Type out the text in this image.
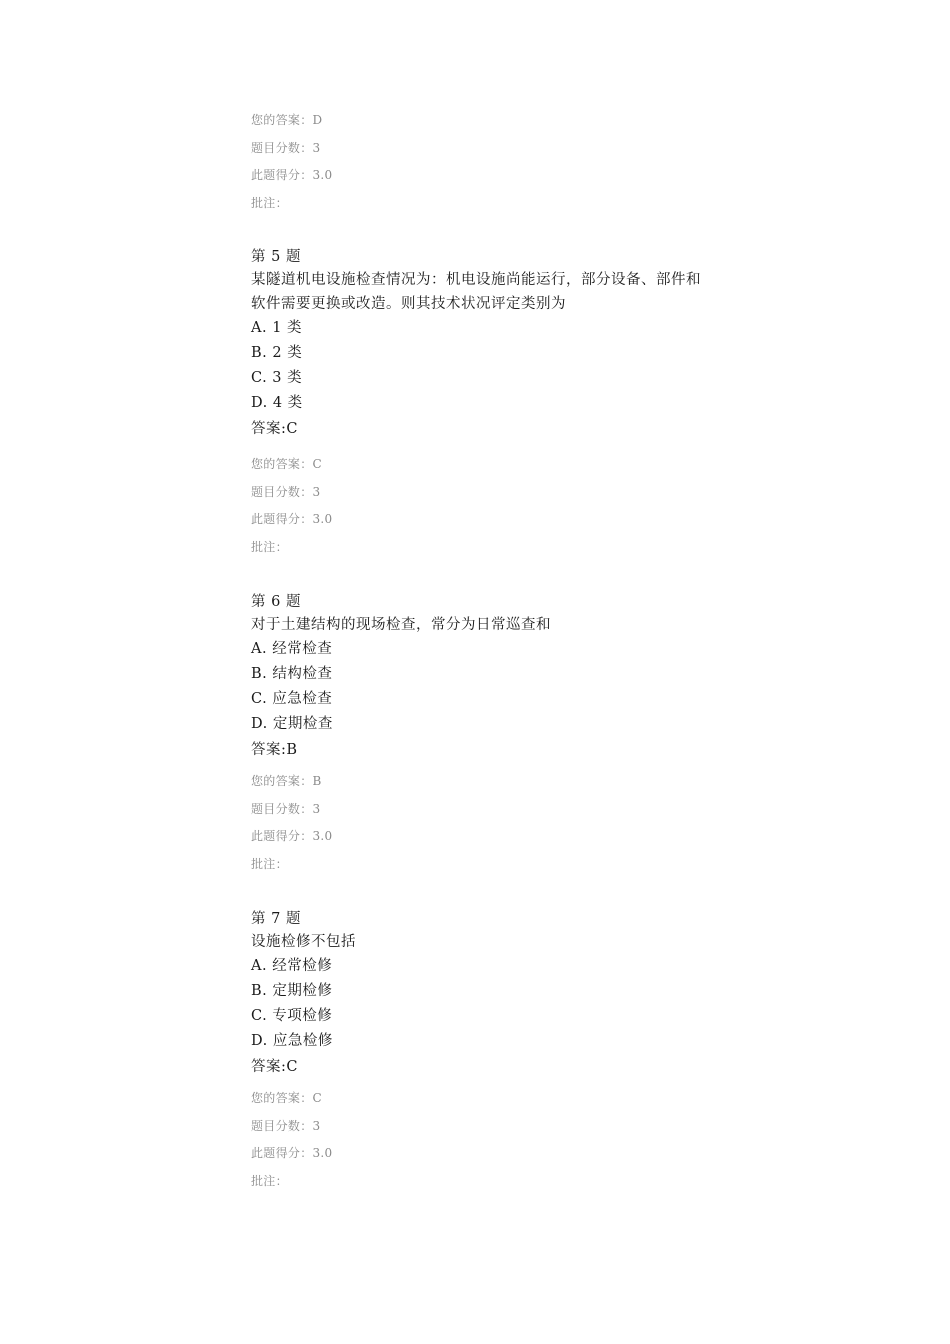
您的答案：D
题目分数：3
此题得分：3.0
批注：
第 5 题
某隧道机电设施检查情况为：机电设施尚能运行，部分设备、部件和软件需要更换或改造。则其技术状况评定类别为
A. 1 类
B. 2 类
C. 3 类
D. 4 类
答案:C
您的答案：C
题目分数：3
此题得分：3.0
批注：
第 6 题
对于土建结构的现场检查，常分为日常巡查和
A. 经常检查
B. 结构检查
C. 应急检查
D. 定期检查
答案:B
您的答案：B
题目分数：3
此题得分：3.0
批注：
第 7 题
设施检修不包括
A. 经常检修
B. 定期检修
C. 专项检修
D. 应急检修
答案:C
您的答案：C
题目分数：3
此题得分：3.0
批注：
